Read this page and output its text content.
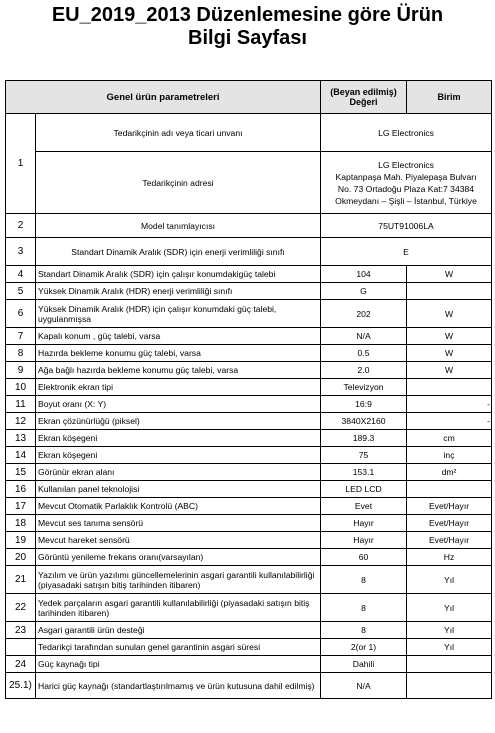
EU_2019_2013 Düzenlemesine göre Ürün
Bilgi Sayfası
Genel ürün parametreleri		(Beyan edilmiş)
Değeri	Birim
1	Tedarikçinin adı veya ticari unvanı	LG Electronics	
	Tedarikçinin adresi	LG Electronics
Kaptanpaşa Mah. Piyalepaşa Bulvarı
No. 73 Ortadoğu Plaza Kat:7 34384
Okmeydanı – Şişli – İstanbul, Türkiye	

2	Model tanımlayıcısı	75UT91006LA	
3	Standart Dinamik Aralık (SDR) için enerji verimliliği sınıfı	E	
4	Standart Dinamik Aralık (SDR) için çalışır konumdakigüç talebi	104	W
5	Yüksek Dinamik Aralık (HDR) enerji verimliliği sınıfı	G	
6	Yüksek Dinamik Aralık (HDR) için çalışır konumdaki güç talebi, uygulanmışsa	202	W
7	Kapalı konum , güç talebi, varsa	N/A	W
8	Hazırda bekleme konumu güç talebi, varsa	0.5	W
9	Ağa bağlı hazırda bekleme konumu güç talebi, varsa	2.0	W
10	Elektronik ekran tipi	Televizyon	
11	Boyut oranı (X: Y)	16:9	-

12	Ekran çözünürlüğü (piksel)	3840X2160	-

13	Ekran köşegeni	189.3	cm
14	Ekran köşegeni	75	inç
15	Görünür ekran alanı	153.1	dm²
16	Kullanılan panel teknolojisi	LED LCD	
17	Mevcut Otomatik Parlaklık Kontrolü (ABC)	Evet	Evet/Hayır
18	Mevcut ses tanıma sensörü	Hayır	Evet/Hayır
19	Mevcut hareket sensörü	Hayır	Evet/Hayır
20	Görüntü yenileme frekans oranı(varsayılan)	60	Hz
21	Yazılım ve ürün yazılımı güncellemelerinin asgari garantili kullanılabilirliği (piyasadaki satışın bitiş tarihinden itibaren)	8	Yıl
22	Yedek parçaların asgari garantili kullanılabilirliği (piyasadaki satışın bitiş tarihinden itibaren)	8	Yıl
23	Asgari garantili ürün desteği	8	Yıl
	Tedarikçi tarafından sunulan genel garantinin asgari süresi	2(or 1)	Yıl
24	Güç kaynağı tipi	Dahili	
25.1)	Harici güç kaynağı (standartlaştırılmamış ve ürün kutusuna dahil edilmiş)	N/A	
